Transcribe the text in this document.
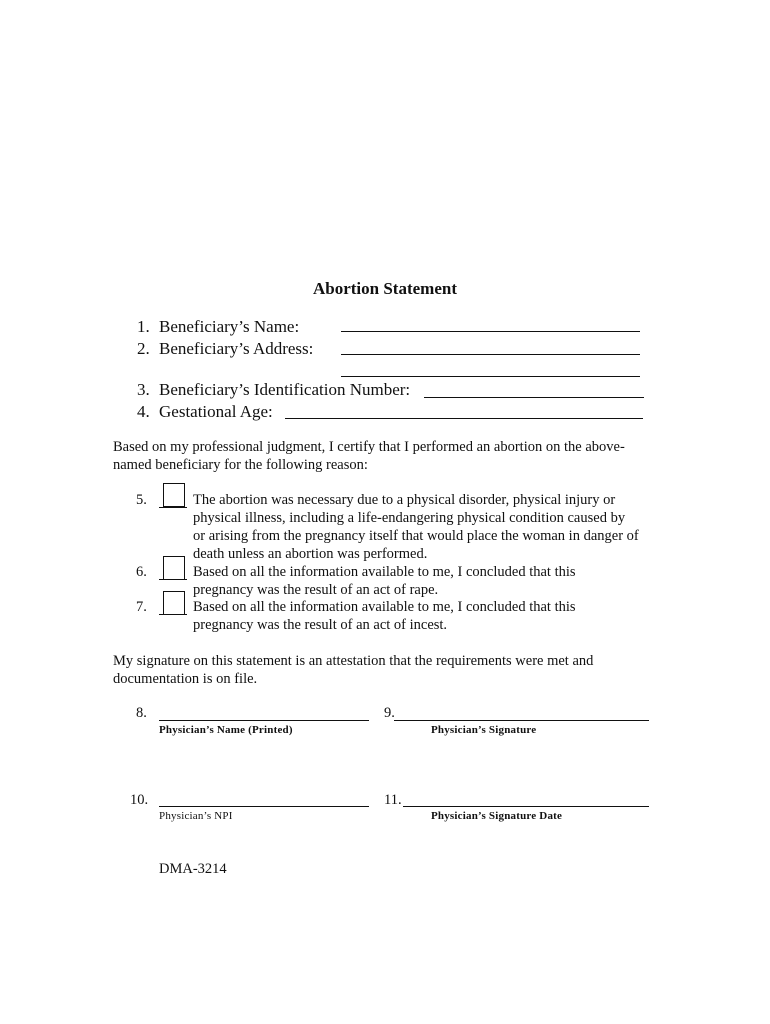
Abortion Statement
1. Beneficiary’s Name:
2. Beneficiary’s Address:
3. Beneficiary’s Identification Number:
4. Gestational Age:
Based on my professional judgment, I certify that I performed an abortion on the above-
named beneficiary for the following reason:
5.	The abortion was necessary due to a physical disorder, physical injury or
physical illness, including a life-endangering physical condition caused by
or arising from the pregnancy itself that would place the woman in danger of
death unless an abortion was performed.
6.	Based on all the information available to me, I concluded that this
pregnancy was the result of an act of rape.
7.	Based on all the information available to me, I concluded that this
pregnancy was the result of an act of incest.
My signature on this statement is an attestation that the requirements were met and
documentation is on file.
8.
Physician’s Name (Printed)
9.
Physician’s Signature
10.
Physician’s NPI
11.
Physician’s Signature Date
DMA-3214
